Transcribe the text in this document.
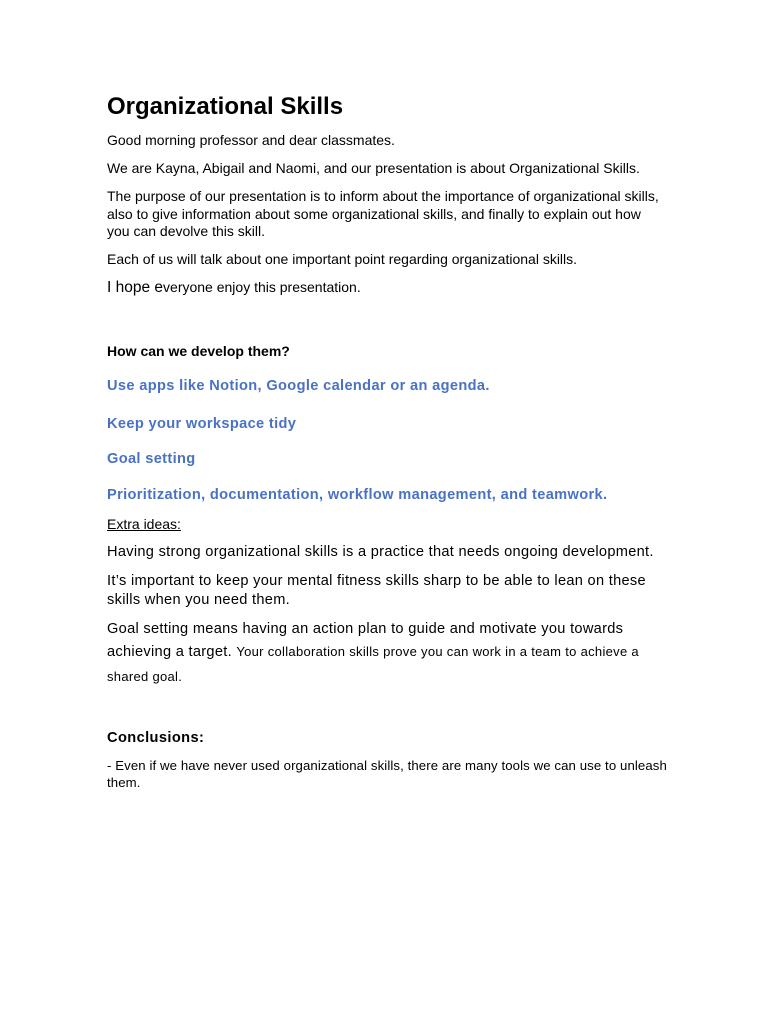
Organizational Skills

Good morning professor and dear classmates.

We are Kayna, Abigail and Naomi, and our presentation is about Organizational Skills.

The purpose of our presentation is to inform about the importance of organizational skills, also to give information about some organizational skills, and finally to explain out how you can devolve this skill.

Each of us will talk about one important point regarding organizational skills.

I hope everyone enjoy this presentation.

How can we develop them?
Use apps like Notion, Google calendar or an agenda.
Keep your workspace tidy
Goal setting
Prioritization, documentation, workflow management, and teamwork.
Extra ideas:

Having strong organizational skills is a practice that needs ongoing development.

It’s important to keep your mental fitness skills sharp to be able to lean on these skills when you need them.

Goal setting means having an action plan to guide and motivate you towards achieving a target. Your collaboration skills prove you can work in a team to achieve a shared goal.

Conclusions:

- Even if we have never used organizational skills, there are many tools we can use to unleash them.
